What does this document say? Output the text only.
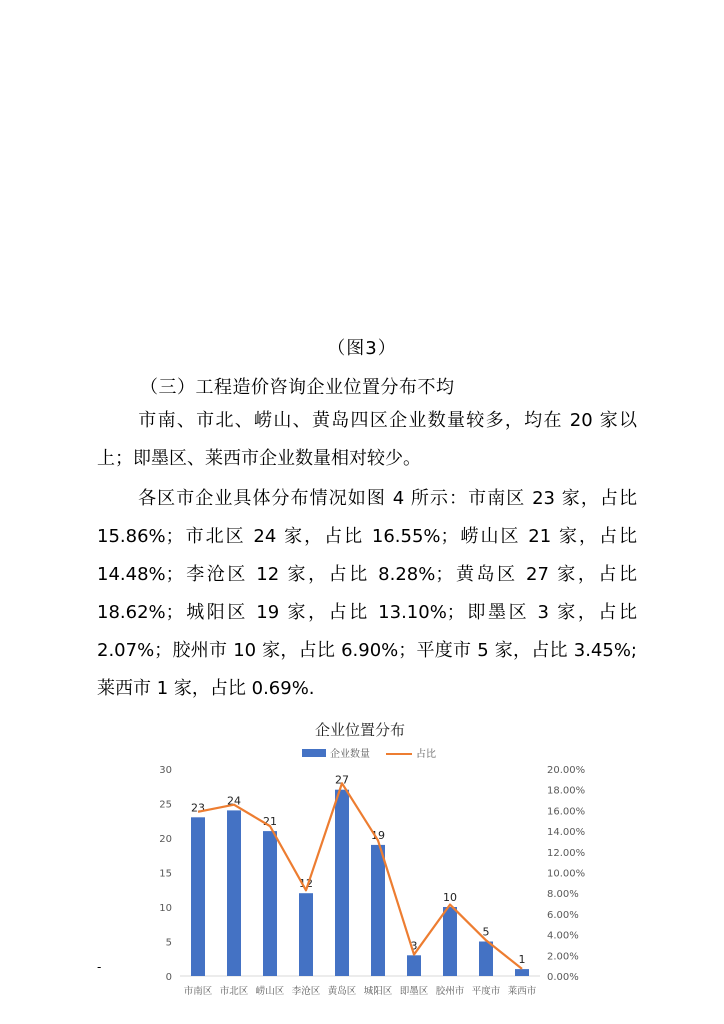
（图3）
（三）工程造价咨询企业位置分布不均

市南、市北、崂山、黄岛四区企业数量较多，均在 20 家以上；即墨区、莱西市企业数量相对较少。

各区市企业具体分布情况如图 4 所示：市南区 23 家，占比 15.86%；市北区 24 家，占比 16.55%；崂山区 21 家，占比 14.48%；李沧区 12 家，占比 8.28%；黄岛区 27 家，占比 18.62%；城阳区 19 家，占比 13.10%；即墨区 3 家，占比 2.07%；胶州市 10 家，占比 6.90%；平度市 5 家，占比 3.45%;莱西市 1 家，占比 0.69%.

企业位置分布
企业数量	占比
0
5
10
15
20
25
30
0.00%
2.00%
4.00%
6.00%
8.00%
10.00%
12.00%
14.00%
16.00%
18.00%
20.00%
23
市南区
24
市北区
21
崂山区
12
李沧区
27
黄岛区
19
城阳区
3
即墨区
10
胶州市
5
平度市
1
莱西市
-
